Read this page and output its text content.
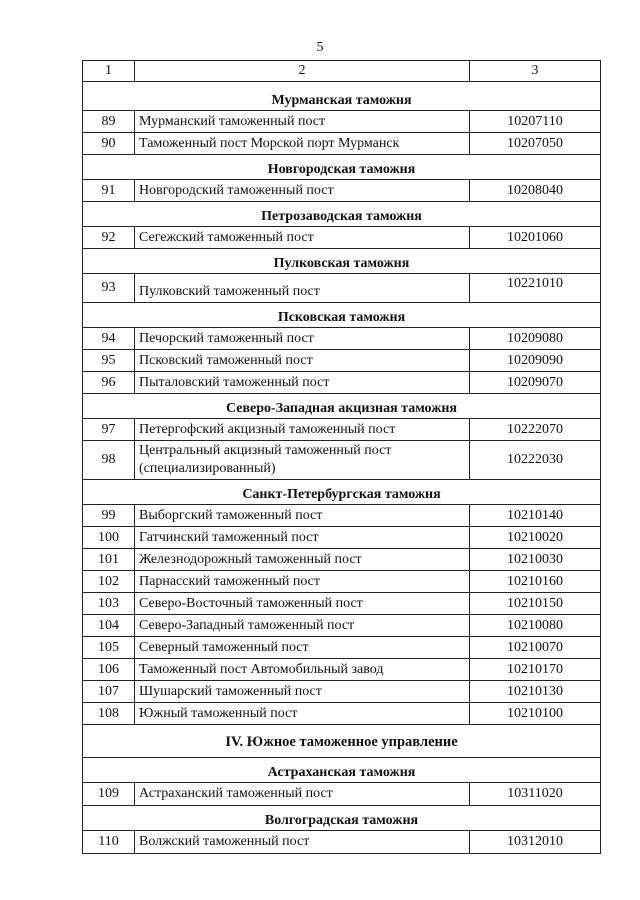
5
1	2	3
Мурманская таможня		
89	Мурманский таможенный пост	10207110
90	Таможенный пост Морской порт Мурманск	10207050
Новгородская таможня		
91	Новгородский таможенный пост	10208040
Петрозаводская таможня		
92	Сегежский таможенный пост	10201060
Пулковская таможня		
93	Пулковский таможенный пост	10221010
Псковская таможня		
94	Печорский таможенный пост	10209080
95	Псковский таможенный пост	10209090
96	Пыталовский таможенный пост	10209070
Северо-Западная акцизная таможня		
97	Петергофский акцизный таможенный пост	10222070
98	Центральный акцизный таможенный пост (специализированный)	10222030
Санкт-Петербургская таможня		
99	Выборгский таможенный пост	10210140
100	Гатчинский таможенный пост	10210020
101	Железнодорожный таможенный пост	10210030
102	Парнасский таможенный пост	10210160
103	Северо-Восточный таможенный пост	10210150
104	Северо-Западный таможенный пост	10210080
105	Северный таможенный пост	10210070
106	Таможенный пост Автомобильный завод	10210170
107	Шушарский таможенный пост	10210130
108	Южный таможенный пост	10210100
IV. Южное таможенное управление		
Астраханская таможня		
109	Астраханский таможенный пост	10311020
Волгоградская таможня		
110	Волжский таможенный пост	10312010
